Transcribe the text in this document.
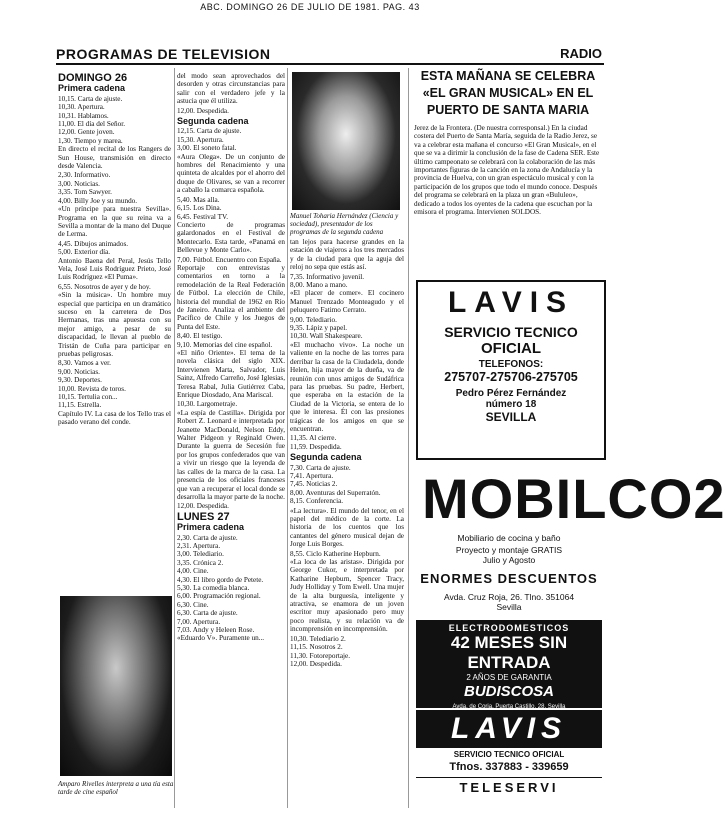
ABC. DOMINGO 26 DE JULIO DE 1981. PAG. 43
PROGRAMAS DE TELEVISION	RADIO
DOMINGO 26
Primera cadena
10,15. Carta de ajuste.
10,30. Apertura.
10,31. Hablamos.
11,00. El día del Señor.
12,00. Gente joven.
1,30. Tiempo y marea.

En directo el recital de los Rangers de Sun House, transmisión en directo desde Valencia.

2,30. Informativo.
3,00. Noticias.
3,35. Tom Sawyer.
4,00. Billy Joe y su mundo.

«Un príncipe para nuestra Sevilla». Programa en la que su reina va a Sevilla a montar de la mano del Duque de Lerma.

4,45. Dibujos animados.
5,00. Exterior día.

Antonio Baena del Peral, Jesús Tello Vela, José Luis Rodríguez Prieto, José Luis Rodríguez «El Puma».

6,55. Nosotros de ayer y de hoy.

«Sin la música». Un hombre muy especial que participa en un dramático suceso en la carretera de Dos Hermanas, tras una apuesta con su mejor amigo, a pesar de su discapacidad, le llevan al pueblo de Tristán de Cuña para participar en pruebas peligrosas.

8,30. Vamos a ver.
9,00. Noticias.
9,30. Deportes.
10,00. Revista de toros.
10,15. Tertulia con...
11,15. Estrella.

Capítulo IV. La casa de los Tello tras el pasado verano del conde.

Amparo Rivelles interpreta a una tía esta tarde de cine español

del modo sean aprovechados del desorden y otras circunstancias para salir con el verdadero jefe y la astucia que él utiliza.

12,00. Despedida.
Segunda cadena
12,15. Carta de ajuste.
15,30. Apertura.
3,00. El soneto fatal.

«Aura Olega». De un conjunto de hombres del Renacimiento y una quinteta de alcaldes por el ahorro del duque de Olivares, se van a recorrer a caballo la comarca española.

5,40. Mas alla.
6,15. Los Dina.
6,45. Festival TV.

Concierto de programas galardonados en el Festival de Montecarlo. Esta tarde, «Panamá en Bellevue y Monte Carlo».

7,00. Fútbol. Encuentro con España.

Reportaje con entrevistas y comentarios en torno a la remodelación de la Real Federación de Fútbol. La elección de Chile, historia del mundial de 1962 en Río de Janeiro. Analiza el ambiente del Pacífico de Chile y los Juegos de Punta del Este.

8,40. El testigo.
9,10. Memorias del cine español.

«El niño Oriente». El tema de la novela clásica del siglo XIX. Intervienen Marta, Salvador, Luis Sainz, Alfredo Carreño, José Iglesias, Teresa Rabal, Julia Gutiérrez Caba, Enrique Diosdado, Ana Mariscal.

10,30. Largometraje.

«La espía de Castilla». Dirigida por Robert Z. Leonard e interpretada por Jeanette MacDonald, Nelson Eddy, Walter Pidgeon y Reginald Owen. Durante la guerra de Secesión fue por los grupos confederados que van a vivir un riesgo que la leyenda de las calles de la marca de la casa. La presencia de los oficiales franceses que van a recuperar el local donde se desarrolla la mayor parte de la noche.

12,00. Despedida.
LUNES 27
Primera cadena
2,30. Carta de ajuste.
2,31. Apertura.
3,00. Telediario.
3,35. Crónica 2.
4,00. Cine.
4,30. El libro gordo de Petete.
5,30. La comedia blanca.
6,00. Programación regional.
6,30. Cine.
6,30. Carta de ajuste.
7,00. Apertura.
7,03. Andy y Heleen Rose.
«Eduardo V». Puramente un...
Manuel Toharia Hernández (Ciencia y sociedad), presentador de los programas de la segunda cadena

tan lejos para hacerse grandes en la estación de viajeros a los tres mercados y de la ciudad para que la aguja del reloj no sepa que estás así.

7,35. Informativo juvenil.
8,00. Mano a mano.

«El placer de comer». El cocinero Manuel Trenzado Monteagudo y el peluquero Fatimo Cerrato.

9,00. Telediario.
9,35. Lápiz y papel.
10,30. Wall Shakespeare.

«El muchacho vivo». La noche un valiente en la noche de las torres para derribar la casa de la Ciudadela, donde Helen, hija mayor de la dueña, va de reunión con unos amigos de Sudáfrica para las pruebas. Su padre, Herbert, que esperaba en la estación de la Ciudad de la Victoria, se entera de lo que le interesa. Él con las presiones trágicas de los amigos en que se encuentran.

11,35. Al cierre.
11,59. Despedida.
Segunda cadena
7,30. Carta de ajuste.
7,41. Apertura.
7,45. Noticias 2.
8,00. Aventuras del Superratón.

8,15. Conferencia.

«La lectura». El mundo del tenor, en el papel del médico de la corte. La historia de los cuentos que los cantantes del género musical dejan de Jorge Luis Borges.

8,55. Ciclo Katherine Hepburn.

«La loca de las aristas». Dirigida por George Cukor, e interpretada por Katharine Hepburn, Spencer Tracy, Judy Holliday y Tom Ewell. Una mujer de la alta burguesía, inteligente y atractiva, se enamora de un joven escritor muy apasionado pero muy poco realista, y su relación va de incomprensión en incomprensión.

10,30. Telediario 2.
11,15. Nosotros 2.
11,30. Fotoreportaje.
12,00. Despedida.
ESTA MAÑANA SE CELEBRA «EL GRAN MUSICAL» EN EL PUERTO DE SANTA MARIA
Jerez de la Frontera. (De nuestra corresponsal.) En la ciudad costera del Puerto de Santa María, seguida de la Radio Jerez, se va a celebrar esta mañana el concurso «El Gran Musical», en el que se va a dirimir la conclusión de la fase de Cadena SER. Este último campeonato se celebrará con la colaboración de las más importantes figuras de la canción en la zona de Andalucía y la provincia de Huelva, con un gran espectáculo musical y con la participación de los grupos que todo el mundo conoce. Después del programa se celebrará en la plaza un gran «Bululeo», dedicado a todos los oyentes de la cadena que escuchan por la emisora el programa. Intervienen SOLDOS.
LAVIS
SERVICIO TECNICO
OFICIAL
TELEFONOS:
275707-275706-275705
Pedro Pérez Fernández
número 18
SEVILLA
MOBILCO2
Mobiliario de cocina y baño
Proyecto y montaje GRATIS
Julio y Agosto
ENORMES DESCUENTOS
Avda. Cruz Roja, 26. Tlno. 351064
Sevilla
ELECTRODOMESTICOS
42 MESES SIN ENTRADA
2 AÑOS DE GARANTIA
BUDISCOSA
Avda. de Coria, Puerta Castillo, 28. Sevilla
LAVIS
SERVICIO TECNICO OFICIAL
Tfnos. 337883 - 339659
TELESERVI
